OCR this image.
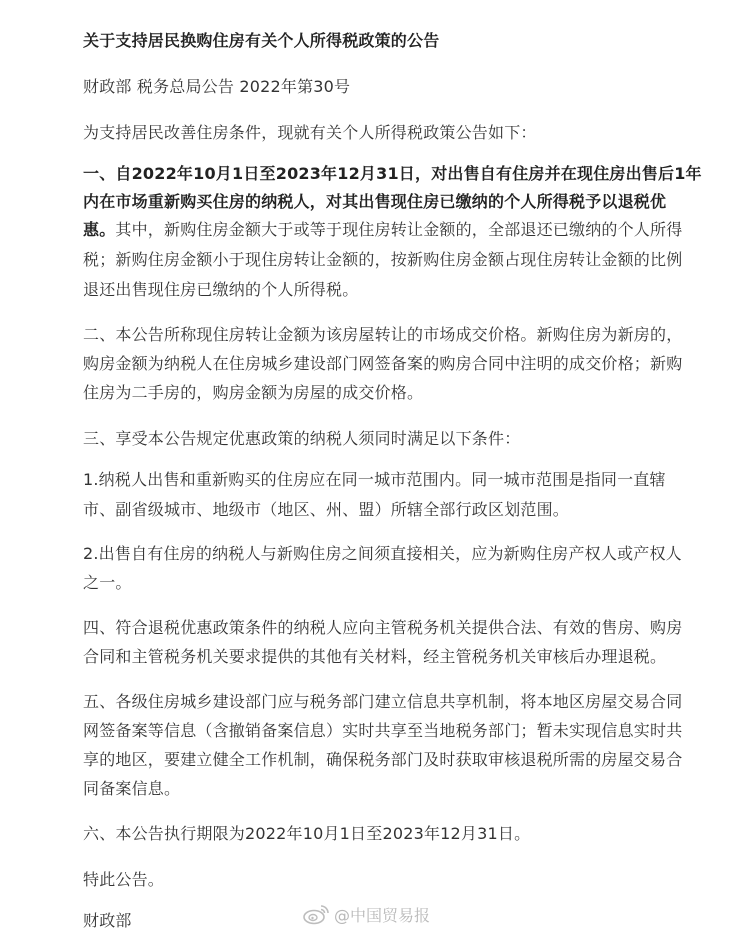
关于支持居民换购住房有关个人所得税政策的公告
财政部 税务总局公告 2022年第30号
为支持居民改善住房条件，现就有关个人所得税政策公告如下：
一、自2022年10月1日至2023年12月31日，对出售自有住房并在现住房出售后1年
内在市场重新购买住房的纳税人，对其出售现住房已缴纳的个人所得税予以退税优
惠。其中，新购住房金额大于或等于现住房转让金额的，全部退还已缴纳的个人所得
税；新购住房金额小于现住房转让金额的，按新购住房金额占现住房转让金额的比例
退还出售现住房已缴纳的个人所得税。
二、本公告所称现住房转让金额为该房屋转让的市场成交价格。新购住房为新房的，
购房金额为纳税人在住房城乡建设部门网签备案的购房合同中注明的成交价格；新购
住房为二手房的，购房金额为房屋的成交价格。
三、享受本公告规定优惠政策的纳税人须同时满足以下条件：
1.纳税人出售和重新购买的住房应在同一城市范围内。同一城市范围是指同一直辖
市、副省级城市、地级市（地区、州、盟）所辖全部行政区划范围。
2.出售自有住房的纳税人与新购住房之间须直接相关，应为新购住房产权人或产权人
之一。
四、符合退税优惠政策条件的纳税人应向主管税务机关提供合法、有效的售房、购房
合同和主管税务机关要求提供的其他有关材料，经主管税务机关审核后办理退税。
五、各级住房城乡建设部门应与税务部门建立信息共享机制，将本地区房屋交易合同
网签备案等信息（含撤销备案信息）实时共享至当地税务部门；暂未实现信息实时共
享的地区，要建立健全工作机制，确保税务部门及时获取审核退税所需的房屋交易合
同备案信息。
六、本公告执行期限为2022年10月1日至2023年12月31日。
特此公告。
财政部	@中国贸易报
